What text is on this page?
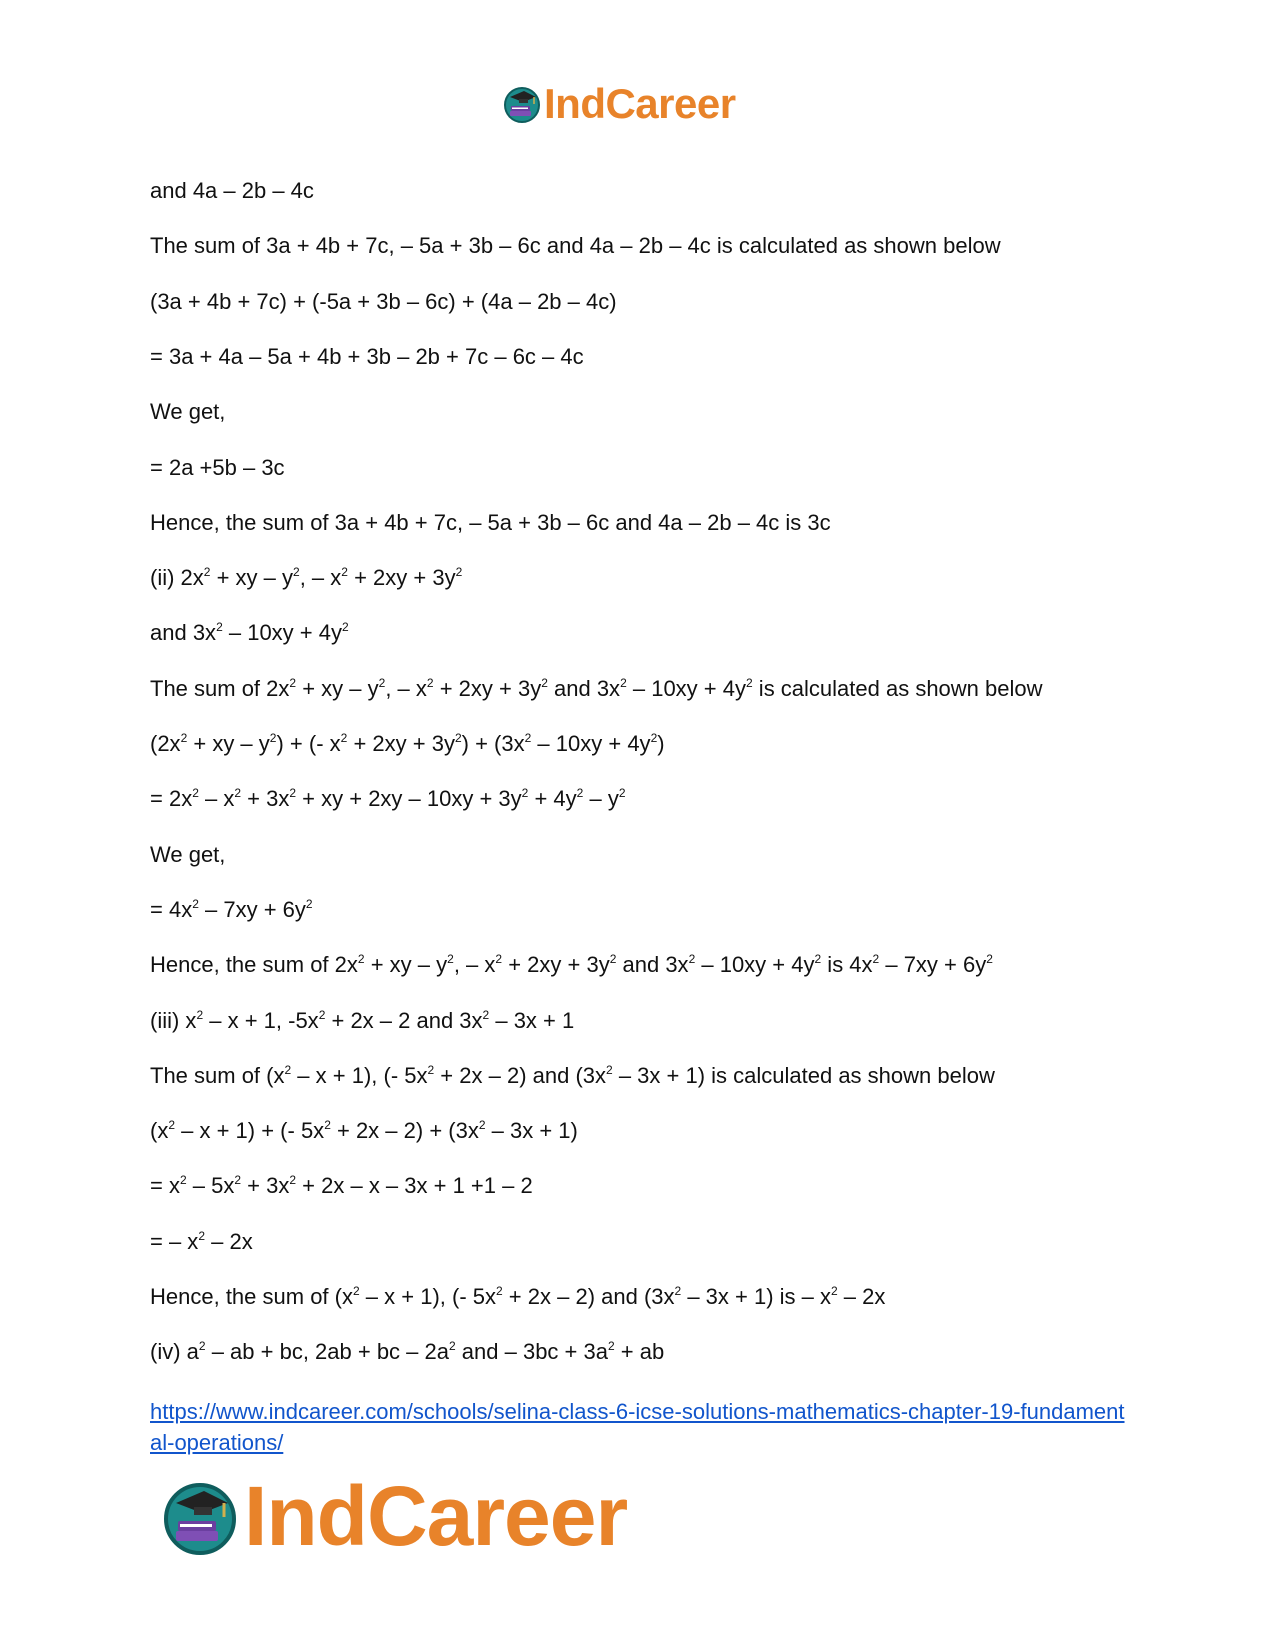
IndCareer
and 4a – 2b – 4c
The sum of 3a + 4b + 7c, – 5a + 3b – 6c and 4a – 2b – 4c is calculated as shown below
(3a + 4b + 7c) + (-5a + 3b – 6c) + (4a – 2b – 4c)
= 3a + 4a – 5a + 4b + 3b – 2b + 7c – 6c – 4c
We get,
= 2a +5b – 3c
Hence, the sum of 3a + 4b + 7c, – 5a + 3b – 6c and 4a – 2b – 4c is 3c
(ii) $2x^2$ + xy – $y^2$, – $x^2 + 2xy + 3y^2$
and $3x^2 - 10xy + 4y^2$
The sum of $2x^2$ + xy – $y^2$, – $x^2 + 2xy + 3y^2$ and $3x^2 - 10xy + 4y^2$ is calculated as shown below
($2x^2$ + xy – $y^2$) + (- $x^2 + 2xy + 3y^2) + (3x^2 - 10xy + 4y^2)$
= $2x^2 - x^2 + 3x^2$ + xy + $2xy - 10xy + 3y^2 + 4y^2 - y^2$
We get,
= $4x^2 - 7xy + 6y^2$
Hence, the sum of $2x^2$ + xy – $y^2$, – $x^2 + 2xy + 3y^2$ and $3x^2 - 10xy + 4y^2$ is $4x^2 - 7xy + 6y^2$
(iii) $x^2 - x + 1$, $-5x^2 + 2x - 2$ and $3x^2 - 3x + 1$
The sum of $(x^2 - x + 1)$, (- $5x^2 + 2x - 2$) and $(3x^2 - 3x + 1)$ is calculated as shown below
$(x^2 - x + 1)$ + (- $5x^2 + 2x - 2) + (3x^2 - 3x + 1)$
= $x^2 - 5x^2 + 3x^2 + 2x - x - 3x + 1 +1 - 2$
= – $x^2 - 2x$
Hence, the sum of $(x^2 - x + 1)$, (- $5x^2 + 2x - 2$) and $(3x^2 - 3x + 1)$ is – $x^2 - 2x$
(iv) $a^2$ – ab + bc, 2ab + bc – $2a^2$ and – $3bc + 3a^2$ + ab
https://www.indcareer.com/schools/selina-class-6-icse-solutions-mathematics-chapter-19-fundamental-operations/
IndCareer
